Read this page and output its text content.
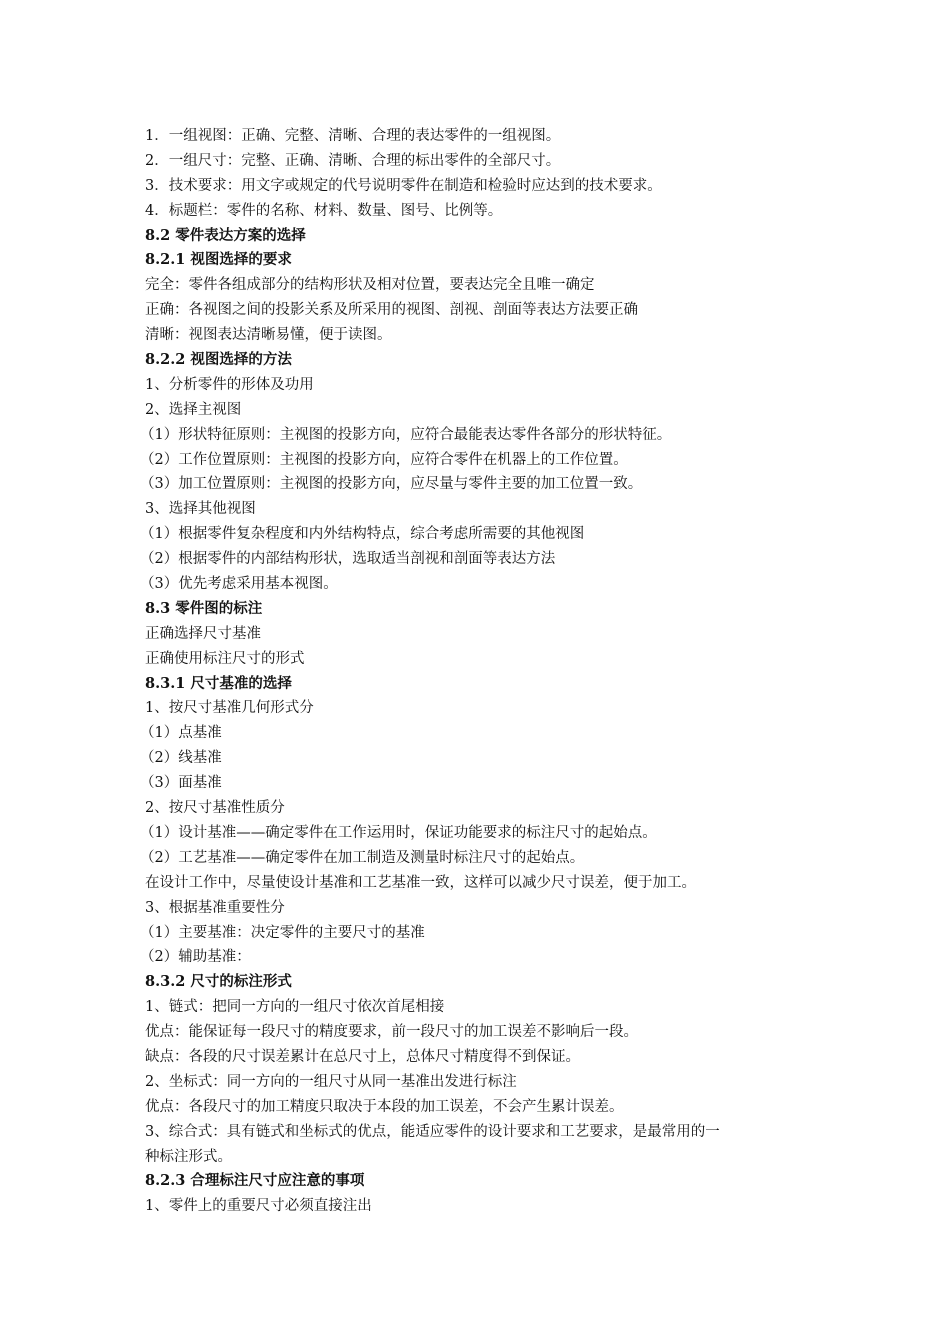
1．一组视图：正确、完整、清晰、合理的表达零件的一组视图。
2．一组尺寸：完整、正确、清晰、合理的标出零件的全部尺寸。
3．技术要求：用文字或规定的代号说明零件在制造和检验时应达到的技术要求。
4．标题栏：零件的名称、材料、数量、图号、比例等。
8.2 零件表达方案的选择
8.2.1 视图选择的要求
完全：零件各组成部分的结构形状及相对位置，要表达完全且唯一确定
正确：各视图之间的投影关系及所采用的视图、剖视、剖面等表达方法要正确
清晰：视图表达清晰易懂，便于读图。
8.2.2 视图选择的方法
1、分析零件的形体及功用
2、选择主视图
（1）形状特征原则：主视图的投影方向，应符合最能表达零件各部分的形状特征。
（2）工作位置原则：主视图的投影方向，应符合零件在机器上的工作位置。
（3）加工位置原则：主视图的投影方向，应尽量与零件主要的加工位置一致。
3、选择其他视图
（1）根据零件复杂程度和内外结构特点，综合考虑所需要的其他视图
（2）根据零件的内部结构形状，选取适当剖视和剖面等表达方法
（3）优先考虑采用基本视图。
8.3 零件图的标注
正确选择尺寸基准
正确使用标注尺寸的形式
8.3.1 尺寸基准的选择
1、按尺寸基准几何形式分
（1）点基准
（2）线基准
（3）面基准
2、按尺寸基准性质分
（1）设计基准——确定零件在工作运用时，保证功能要求的标注尺寸的起始点。
（2）工艺基准——确定零件在加工制造及测量时标注尺寸的起始点。
在设计工作中，尽量使设计基准和工艺基准一致，这样可以减少尺寸误差，便于加工。
3、根据基准重要性分
（1）主要基准：决定零件的主要尺寸的基准
（2）辅助基准：
8.3.2 尺寸的标注形式
1、链式：把同一方向的一组尺寸依次首尾相接
优点：能保证每一段尺寸的精度要求，前一段尺寸的加工误差不影响后一段。
缺点：各段的尺寸误差累计在总尺寸上，总体尺寸精度得不到保证。
2、坐标式：同一方向的一组尺寸从同一基准出发进行标注
优点：各段尺寸的加工精度只取决于本段的加工误差，不会产生累计误差。
3、综合式：具有链式和坐标式的优点，能适应零件的设计要求和工艺要求，是最常用的一
种标注形式。
8.2.3 合理标注尺寸应注意的事项
1、零件上的重要尺寸必须直接注出
